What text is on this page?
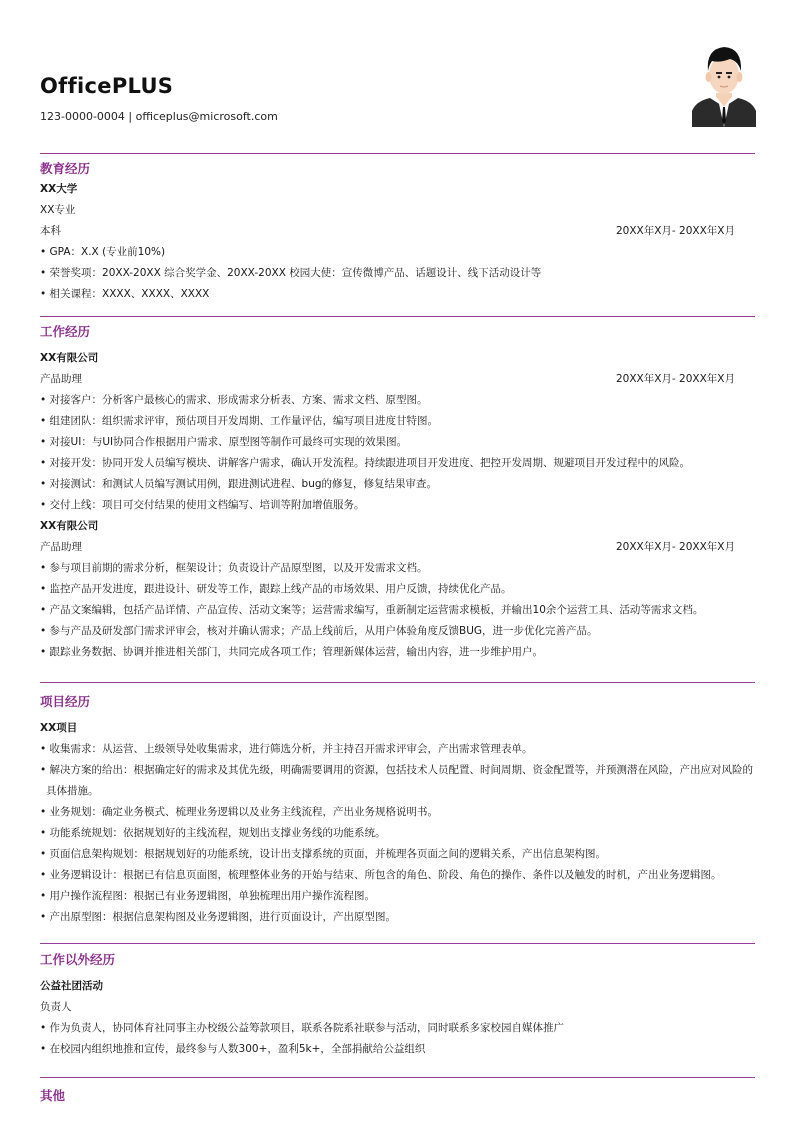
OfficePLUS
123-0000-0004 | officeplus@microsoft.com
教育经历
XX大学
XX专业
本科	20XX年X月- 20XX年X月
• GPA：X.X (专业前10%)
• 荣誉奖项：20XX-20XX 综合奖学金、20XX-20XX 校园大使：宣传微博产品、话题设计、线下活动设计等
• 相关课程：XXXX、XXXX、XXXX
工作经历
XX有限公司
产品助理	20XX年X月- 20XX年X月
• 对接客户：分析客户最核心的需求、形成需求分析表、方案、需求文档、原型图。
• 组建团队：组织需求评审，预估项目开发周期、工作量评估，编写项目进度甘特图。
• 对接UI：与UI协同合作根据用户需求、原型图等制作可最终可实现的效果图。
• 对接开发：协同开发人员编写模块、讲解客户需求，确认开发流程。持续跟进项目开发进度、把控开发周期、规避项目开发过程中的风险。
• 对接测试：和测试人员编写测试用例，跟进测试进程、bug的修复，修复结果审查。
• 交付上线：项目可交付结果的使用文档编写、培训等附加增值服务。
XX有限公司
产品助理	20XX年X月- 20XX年X月
• 参与项目前期的需求分析，框架设计；负责设计产品原型图，以及开发需求文档。
• 监控产品开发进度，跟进设计、研发等工作，跟踪上线产品的市场效果、用户反馈，持续优化产品。
• 产品文案编辑，包括产品详情、产品宣传、活动文案等；运营需求编写，重新制定运营需求模板，并输出10余个运营工具、活动等需求文档。
• 参与产品及研发部门需求评审会，核对并确认需求；产品上线前后，从用户体验角度反馈BUG，进一步优化完善产品。
• 跟踪业务数据、协调并推进相关部门，共同完成各项工作；管理新媒体运营，输出内容，进一步维护用户。
项目经历
XX项目
• 收集需求：从运营、上级领导处收集需求，进行筛选分析，并主持召开需求评审会，产出需求管理表单。
• 解决方案的给出：根据确定好的需求及其优先级，明确需要调用的资源，包括技术人员配置、时间周期、资金配置等，并预测潜在风险，产出应对风险的具体措施。
• 业务规划：确定业务模式、梳理业务逻辑以及业务主线流程，产出业务规格说明书。
• 功能系统规划：依据规划好的主线流程，规划出支撑业务线的功能系统。
• 页面信息架构规划：根据规划好的功能系统，设计出支撑系统的页面，并梳理各页面之间的逻辑关系，产出信息架构图。
• 业务逻辑设计：根据已有信息页面图，梳理整体业务的开始与结束、所包含的角色、阶段、角色的操作、条件以及触发的时机，产出业务逻辑图。
• 用户操作流程图：根据已有业务逻辑图，单独梳理出用户操作流程图。
• 产出原型图：根据信息架构图及业务逻辑图，进行页面设计，产出原型图。
工作以外经历
公益社团活动
负责人
• 作为负责人，协同体育社同事主办校级公益筹款项目，联系各院系社联参与活动，同时联系多家校园自媒体推广
• 在校园内组织地推和宣传，最终参与人数300+，盈利5k+，全部捐献给公益组织
其他
